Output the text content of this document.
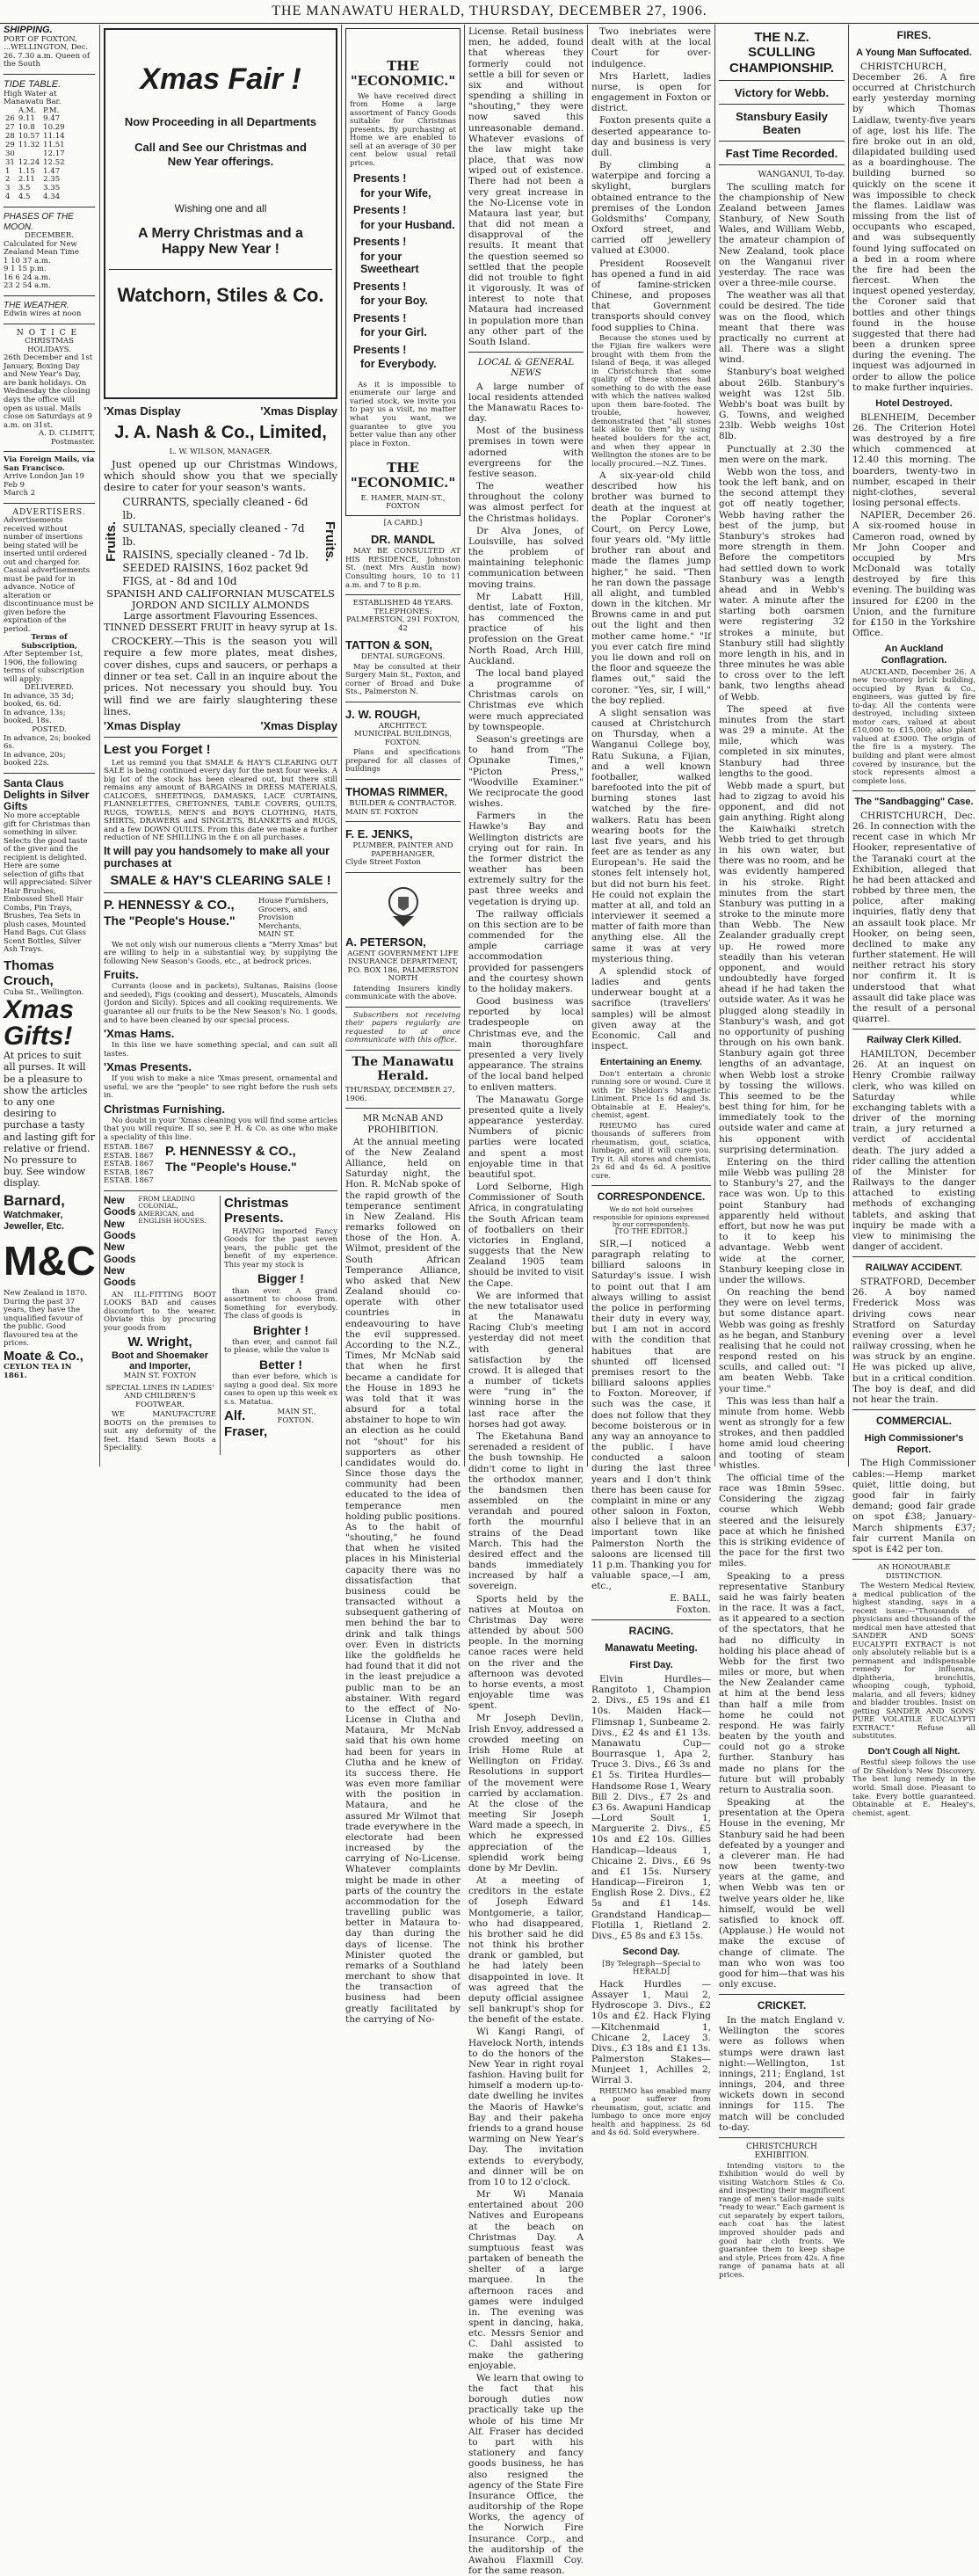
THE MANAWATU HERALD, THURSDAY, DECEMBER 27, 1906.
SHIPPING.
PORT OF FOXTON.
...WELLINGTON, Dec. 26. 7.30 a.m. Queen of the South
TIDE TABLE.
High Water at Manawatu Bar.
	A.M.	P.M.
26	9.11	9.47
27	10.8	10.29
28	10.57	11.14
29	11.32	11.51
30		12.17
31	12.24	12.52
1	1.15	1.47
2	2.11	2.35
3	3.5	3.35
4	4.5	4.34
PHASES OF THE MOON.
DECEMBER.
Calculated for New Zealand Mean Time
1 10 37 a.m.
9 1 15 p.m.
16 6 24 a.m.
23 2 54 a.m.
THE WEATHER.
Edwin wires at noon
NOTICE
CHRISTMAS HOLIDAYS.
26th December and 1st January, Boxing Day and New Year's Day, are bank holidays. On Wednesday the closing days the office will open as usual. Mails close on Saturdays at 9 a.m. on 31st.
A. D. CLIMITT, Postmaster.
Via Foreign Mails, via San Francisco.
Arrive London Jan 19
Feb 9
March 2
ADVERTISERS.
Advertisements received without number of insertions being stated will be inserted until ordered out and charged for. Casual advertisements must be paid for in advance. Notice of alteration or discontinuance must be given before the expiration of the period.
Terms of Subscription,
After September 1st, 1906, the following terms of subscription will apply:
DELIVERED.
In advance, 35 3d; booked, 6s. 6d.
In advance, 13s; booked, 18s.
POSTED.
In advance, 2s; booked 6s.
In advance, 20s; booked 22s.
Santa Claus Delights in Silver Gifts
No more acceptable gift for Christmas than something in silver. Selects the good taste of the giver and the recipient is delighted. Here are some selection of gifts that will appreciated: Silver Hair Brushes, Embossed Shell Hair Combs, Pin Trays, Brushes, Tea Sets in plush cases, Mounted Hand Bags, Cut Glass Scent Bottles, Silver Ash Trays.
Thomas Crouch,
Cuba St., Wellington.
Xmas Gifts!
At prices to suit all purses. It will be a pleasure to show the articles to any one desiring to purchase a tasty and lasting gift for relative or friend. No pressure to buy. See window display.
Barnard,
Watchmaker, Jeweller, Etc.
M&C
New Zealand in 1870. During the past 37 years, they have the unqualified favour of the public. Good flavoured tea at the prices.
Moate & Co.,
CEYLON TEA IN 1861.
Xmas Fair !
Now Proceeding in all Departments
Call and See our Christmas and New Year offerings.
Wishing one and all
A Merry Christmas and a Happy New Year !
Watchorn, Stiles & Co.
'Xmas Display	'Xmas Display
J. A. Nash & Co., Limited,
L. W. WILSON, MANAGER.

Just opened up our Christmas Windows, which should show you that we specially desire to cater for your season's wants.

Fruits.
CURRANTS, specially cleaned - 6d lb.
SULTANAS, specially cleaned - 7d lb.
RAISINS, specially cleaned - 7d lb.
SEEDED RAISINS, 16oz packet 9d
FIGS, at - 8d and 10d
Fruits.
SPANISH AND CALIFORNIAN MUSCATELS
JORDON AND SICILLY ALMONDS
Large assortment Flavouring Essences.
TINNED DESSERT FRUIT in heavy syrup at 1s.

CROCKERY.—This is the season you will require a few more plates, meat dishes, cover dishes, cups and saucers, or perhaps a dinner or tea set. Call in an inquire about the prices. Not necessary you should buy. You will find we are fairly slaughtering these lines.

'Xmas Display	'Xmas Display
Lest you Forget !

Let us remind you that SMALE & HAY'S CLEARING OUT SALE is being continued every day for the next four weeks. A big lot of the stock has been cleared out, but there still remains any amount of BARGAINS in DRESS MATERIALS, CALICOES, SHEETINGS, DAMASKS, LACE CURTAINS, FLANNELETTES, CRETONNES, TABLE COVERS, QUILTS, RUGS, TOWELS, MEN'S and BOYS CLOTHING, HATS, SHIRTS, DRAWERS and SINGLETS, BLANKETS and RUGS, and a few DOWN QUILTS. From this date we make a further reduction of NE SHILLING in the £ on all purchases.

It will pay you handsomely to make all your purchases at
SMALE & HAY'S CLEARING SALE !
P. HENNESSY & CO.,
The "People's House."
House Furnishers, Grocers, and Provision Merchants,
MAIN ST.

We not only wish our numerous clients a "Merry Xmas" but are willing to help in a substantial way, by supplying the following New Season's Goods, etc., at bedrock prices.

Fruits.

Currants (loose and in packets), Sultanas, Raisins (loose and seeded), Figs (cooking and dessert), Muscatels, Almonds (Jordon and Sicily). Spices and all cooking requirements. We guarantee all our fruits to be the New Season's No. 1 goods, and to have been cleaned by our special process.

'Xmas Hams.

In this line we have something special, and can suit all tastes.

'Xmas Presents.

If you wish to make a nice 'Xmas present, ornamental and useful, we are the "people" to see right before the rush sets in.

Christmas Furnishing.

No doubt in your 'Xmas cleaning you will find some articles that you will require. If so, see P. H. & Co. as one who make a speciality of this line.

ESTAB. 1867
ESTAB. 1867
ESTAB. 1867
ESTAB. 1867
ESTAB. 1867
P. HENNESSY & CO.,
The "People's House."
New Goods
New Goods
New Goods
New Goods
FROM LEADING COLONIAL, AMERICAN, and ENGLISH HOUSES.

AN ILL-FITTING BOOT LOOKS BAD and causes discomfort to the wearer. Obviate this by procuring your goods from

W. Wright,
Boot and Shoemaker and Importer,
MAIN ST. FOXTON
SPECIAL LINES IN LADIES' AND CHILDREN'S FOOTWEAR.

WE MANUFACTURE BOOTS on the premises to suit any deformity of the feet. Hand Sewn Boots a Speciality.

Christmas Presents.

HAVING imported Fancy Goods for the past seven years, the public get the benefit of my experience. This year my stock is

Bigger !

than ever. A grand assortment to choose from. Something for everybody. The class of goods is

Brighter !

than ever, and cannot fail to please, while the value is

Better !

than ever before, which is saying a good deal. Six more cases to open up this week ex s.s. Matatua.

Alf. Fraser,
MAIN ST., FOXTON.
THE "ECONOMIC."

We have received direct from Home a large assortment of Fancy Goods suitable for Christmas presents. By purchasing at Home we are enabled to sell at an average of 30 per cent below usual retail prices.

Presents !
for your Wife,
Presents !
for your Husband.
Presents !
for your Sweetheart
Presents !
for your Boy.
Presents !
for your Girl.
Presents !
for Everybody.

As it is impossible to enumerate our large and varied stock, we invite you to pay us a visit, no matter what you want, we guarantee to give you better value than any other place in Foxton.

THE "ECONOMIC."
E. HAMER, MAIN-ST., FOXTON
[A CARD.]
DR. MANDL

MAY BE CONSULTED AT HIS RESIDENCE, Johnston St. (next Mrs Austin now) Consulting hours, 10 to 11 a.m. and 7 to 8 p.m.

ESTABLISHED 48 YEARS.
TELEPHONES: PALMERSTON, 291 FOXTON, 42
TATTON & SON,
DENTAL SURGEONS.

May be consulted at their Surgery Main St., Foxton, and corner of Broad and Duke Sts., Palmerston N.

J. W. ROUGH,
ARCHITECT.
MUNICIPAL BUILDINGS, FOXTON.

Plans and specifications prepared for all classes of buildings

THOMAS RIMMER,
BUILDER & CONTRACTOR.
MAIN ST. FOXTON
F. E. JENKS,
PLUMBER, PAINTER AND PAPERHANGER,
Clyde Street Foxton
A. PETERSON,
AGENT GOVERNMENT LIFE INSURANCE DEPARTMENT,
P.O. BOX 186, PALMERSTON NORTH

Intending Insurers kindly communicate with the above.

Subscribers not receiving their papers regularly are requested to at once communicate with this office.

The Manawatu Herald.
THURSDAY, DECEMBER 27, 1906.
MR McNAB AND PROHIBITION.

At the annual meeting of the New Zealand Alliance, held on Saturday night, the Hon. R. McNab spoke of the rapid growth of the temperance sentiment in New Zealand. His remarks followed on those of the Hon. A. Wilmot, president of the South African Temperance Alliance, who asked that New Zealand should co-operate with other countries in endeavouring to have the evil suppressed. According to the N.Z., Times, Mr McNab said that when he first became a candidate for the House in 1893 he was told that it was absurd for a total abstainer to hope to win an election as he could not "shout" for his supporters as other candidates would do. Since those days the community had been educated to the idea of temperance men holding public positions. As to the habit of "shouting," he found that when he visited places in his Ministerial capacity there was no dissatisfaction that business could be transacted without a subsequent gathering of men behind the bar to drink and talk things over. Even in districts like the goldfields he had found that it did not in the least prejudice a public man to be an abstainer. With regard to the effect of No-License in Clutha and Mataura, Mr McNab said that his own home had been for years in Clutha and he knew of its success there. He was even more familiar with the position in Mataura, and he assured Mr Wilmot that trade everywhere in the electorate had been increased by the carrying of No-License. Whatever complaints might be made in other parts of the country the accommodation for the travelling public was better in Mataura to-day than during the days of license. The Minister quoted the remarks of a Southland merchant to show that the transaction of business had been greatly facilitated by the carrying of No-

License. Retail business men, he added, found that whereas they formerly could not settle a bill for seven or six and without spending a shilling in "shouting," they were now saved this unreasonable demand. Whatever evasions of the law might take place, that was now wiped out of existence. There had not been a very great increase in the No-License vote in Mataura last year, but that did not mean a disapproval of the results. It meant that the question seemed so settled that the people did not trouble to fight it vigorously. It was of interest to note that Mataura had increased in population more than any other part of the South Island.

LOCAL & GENERAL NEWS

A large number of local residents attended the Manawatu Races to-day.

Most of the business premises in town were adorned with evergreens for the festive season.

The weather throughout the colony was almost perfect for the Christmas holidays.

Dr Alva Jones, of Louisville, has solved the problem of maintaining telephonic communication between moving trains.

Mr Labatt Hill, dentist, late of Foxton, has commenced the practice of his profession on the Great North Road, Arch Hill, Auckland.

The local band played a programme of Christmas carols on Christmas eve which were much appreciated by townspeople.

Season's greetings are to hand from "The Opunake Times," "Picton Press," "Woodville Examiner." We reciprocate the good wishes.

Farmers in the Hawke's Bay and Wellington districts are crying out for rain. In the former district the weather has been extremely sultry for the past three weeks and vegetation is drying up.

The railway officials on this section are to be commended for the ample carriage accommodation provided for passengers and the courtesy shown to the holiday makers.

Good business was reported by local tradespeople on Christmas eve, and the main thoroughfare presented a very lively appearance. The strains of the local band helped to enliven matters.

The Manawatu Gorge presented quite a lively appearance yesterday. Numbers of picnic parties were located and spent a most enjoyable time in that beautiful spot.

Lord Selborne, High Commissioner of South Africa, in congratulating the South African team of footballers on their victories in England, suggests that the New Zealand 1905 team should be invited to visit the Cape.

We are informed that the new totalisator used at the Manawatu Racing Club's meeting yesterday did not meet with general satisfaction by the crowd. It is alleged that a number of tickets were "rung in" the winning horse in the last race after the horses had got away.

The Eketahuna Band serenaded a resident of the bush township. He didn't come to light in the orthodox manner, the bandsmen then assembled on the verandah and poured forth the mournful strains of the Dead March. This had the desired effect and the bands immediately increased by half a sovereign.

Sports held by the natives at Moutoa on Christmas Day were attended by about 500 people. In the morning canoe races were held on the river and the afternoon was devoted to horse events, a most enjoyable time was spent.

Mr Joseph Devlin, Irish Envoy, addressed a crowded meeting on Irish Home Rule at Wellington on Friday. Resolutions in support of the movement were carried by acclamation. At the close of the meeting Sir Joseph Ward made a speech, in which he expressed appreciation of the splendid work being done by Mr Devlin.

At a meeting of creditors in the estate of Joseph Edward Montgomerie, a tailor, who had disappeared, his brother said he did not think his brother drank or gambled, but he had lately been disappointed in love. It was agreed that the deputy official assignee sell bankrupt's shop for the benefit of the estate.

Wi Kangi Rangi, of Havelock North, intends to do the honors of the New Year in right royal fashion. Having built for himself a modern up-to-date dwelling he invites the Maoris of Hawke's Bay and their pakeha friends to a grand house warming on New Year's Day. The invitation extends to everybody, and dinner will be on from 10 to 12 o'clock.

Mr Wi Manaia entertained about 200 Natives and Europeans at the beach on Christmas Day. A sumptuous feast was partaken of beneath the shelter of a large marquee. In the afternoon races and games were indulged in. The evening was spent in dancing, haka, etc. Messrs Senior and C. Dahl assisted to make the gathering enjoyable.

We learn that owing to the fact that his borough duties now practically take up the whole of his time Mr Alf. Fraser has decided to part with his stationery and fancy goods business, he has also resigned the agency of the State Fire Insurance Office, the auditorship of the Rope Works, the agency of the Norwich Fire Insurance Corp., and the auditorship of the Awahou Flaxmill Coy. for the same reason.

Two inebriates were dealt with at the local Court for over-indulgence.

Mrs Harlett, ladies nurse, is open for engagement in Foxton or district.

Foxton presents quite a deserted appearance to-day and business is very dull.

By climbing a waterpipe and forcing a skylight, burglars obtained entrance to the premises of the London Goldsmiths' Company, Oxford street, and carried off jewellery valued at £3000.

President Roosevelt has opened a fund in aid of famine-stricken Chinese, and proposes that Government transports should convey food supplies to China.

Because the stones used by the Fijian fire walkers were brought with them from the Island of Beqa, it was alleged in Christchurch that some quality of these stones had something to do with the ease with which the natives walked upon them bare-footed. The trouble, however, demonstrated that "all stones talk alike to them" by using heated boulders for the act, and when they appear in Wellington the stones are to be locally procured.—N.Z. Times.

A six-year-old child described how his brother was burned to death at the inquest at the Poplar Coroner's Court, on Percy Lowe, four years old. "My little brother ran about and made the flames jump higher," he said. "Then he ran down the passage all alight, and tumbled down in the kitchen. Mr Browns came in and put out the light and then mother came home." "If you ever catch fire mind you lie down and roll on the floor and squeeze the flames out," said the coroner. "Yes, sir, I will," the boy replied.

A slight sensation was caused at Christchurch on Thursday, when a Wanganui College boy, Ratu Sukuna, a Fijian, and a well known footballer, walked barefooted into the pit of burning stones last watched by the fire-walkers. Ratu has been wearing boots for the last five years, and his feet are as tender as any European's. He said the stones felt intensely hot, but did not burn his feet. He could not explain the matter at all, and told an interviewer it seemed a matter of faith more than anything else. All the same it was at very mysterious thing.

A splendid stock of ladies and gents underwear bought at a sacrifice (travellers' samples) will be almost given away at the Economic. Call and inspect.

Entertaining an Enemy.

Don't entertain a chronic running sore or wound. Cure it with Dr Sheldon's Magnetic Liniment. Price 1s 6d and 3s. Obtainable at E. Healey's, chemist, agent.

RHEUMO has cured thousands of sufferers from rheumatism, gout, sciatica, lumbago, and it will cure you. Try it. All stores and chemists, 2s 6d and 4s 6d. A positive cure.

CORRESPONDENCE.
We do not hold ourselves responsible for opinions expressed by our correspondents.
[TO THE EDITOR.]

SIR,—I noticed a paragraph relating to billiard saloons in Saturday's issue. I wish to point out that I am always willing to assist the police in performing their duty in every way, but I am not in accord with the condition that habitues that are shunted off licensed premises resort to the billiard saloons applies to Foxton. Moreover, if such was the case, it does not follow that they become boisterous or in any way an annoyance to the public. I have conducted a saloon during the last three years and I don't think there has been cause for complaint in mine or any other saloon in Foxton, also I believe that in an important town like Palmerston North the saloons are licensed till 11 p.m. Thanking you for valuable space,—I am, etc.,

E. BALL,
Foxton.
RACING.
Manawatu Meeting.
First Day.

Elvin Hurdles—Rangitoto 1, Champion 2. Divs., £5 19s and £1 10s. Maiden Hack—Flimsnap 1, Sunbeame 2. Divs., £2 4s and £1 13s. Manawatu Cup—Bourrasque 1, Apa 2, Truce 3. Divs., £6 3s and £1 5s. Tiritea Hurdles—Handsome Rose 1, Weary Bill 2. Divs., £7 2s and £3 6s. Awapuni Handicap—Lord Soult 1, Marguerite 2. Divs., £5 10s and £2 10s. Gillies Handicap—Ideaus 1, Chicaine 2. Divs., £6 9s and £1 15s. Nursery Handicap—Fireiron 1, English Rose 2. Divs., £2 5s and £1 14s. Grandstand Handicap—Flotilla 1, Rietland 2. Divs., £5 8s and £3 15s.

Second Day.
[By Telegraph—Special to HERALD]

Hack Hurdles — Assayer 1, Maui 2, Hydroscope 3. Divs., £2 10s and £2. Hack Flying—Kitchenmaid 1, Chicane 2, Lacey 3. Divs., £3 18s and £1 13s. Palmerston Stakes—Munjeet 1, Achilles 2, Wirral 3.

RHEUMO has enabled many a poor sufferer from rheumatism, gout, sciatic and lumbago to once more enjoy health and happiness. 2s 6d and 4s 6d. Sold everywhere.

THE N.Z. SCULLING CHAMPIONSHIP.
Victory for Webb.
Stansbury Easily Beaten
Fast Time Recorded.
WANGANUI, To-day.

The sculling match for the championship of New Zealand between James Stanbury, of New South Wales, and William Webb, the amateur champion of New Zealand, took place on the Wanganui river yesterday. The race was over a three-mile course.

The weather was all that could be desired. The tide was on the flood, which meant that there was practically no current at all. There was a slight wind.

Stanbury's boat weighed about 26lb. Stanbury's weight was 12st 5lb. Webb's boat was built by G. Towns, and weighed 23lb. Webb weighs 10st 8lb.

Punctually at 2.30 the men were on the mark.

Webb won the toss, and took the left bank, and on the second attempt they got off neatly together, Webb having rather the best of the jump, but Stanbury's strokes had more strength in them. Before the competitors had settled down to work Stanbury was a length ahead and in Webb's water. A minute after the starting both oarsmen were registering 32 strokes a minute, but Stanbury still had slightly more length in his, and in three minutes he was able to cross over to the left bank, two lengths ahead of Webb.

The speed at five minutes from the start was 29 a minute. At the mile, which was completed in six minutes, Stanbury had three lengths to the good.

Webb made a spurt, but had to zigzag to avoid his opponent, and did not gain anything. Right along the Kaiwhaiki stretch Webb tried to get through in his own water, but there was no room, and he was evidently hampered in his stroke. Right minutes from the start Stanbury was putting in a stroke to the minute more than Webb. The New Zealander gradually crept up. He rowed more steadily than his veteran opponent, and would undoubtedly have forged ahead if he had taken the outside water. As it was he plugged along steadily in Stanbury's wash, and got no opportunity of pushing through on his own bank. Stanbury again got three lengths of an advantage, when Webb lost a stroke by tossing the willows. This seemed to be the best thing for him, for he immediately took to the outside water and came at his opponent with surprising determination.

Entering on the third mile Webb was pulling 28 to Stanbury's 27, and the race was won. Up to this point Stanbury had apparently held without effort, but now he was put to it to keep his advantage. Webb went wide at the corner, Stanbury keeping close in under the willows.

On reaching the bend they were on level terms, but some distance apart. Webb was going as freshly as he began, and Stanbury realising that he could not respond rested on his sculls, and called out: "I am beaten Webb. Take your time."

This was less than half a minute from home. Webb went as strongly for a few strokes, and then paddled home amid loud cheering and tooting of steam whistles.

The official time of the race was 18min 59sec. Considering the zigzag course which Webb steered and the leisurely pace at which he finished this is striking evidence of the pace for the first two miles.

Speaking to a press representative Stanbury said he was fairly beaten in the race. It was a fact, as it appeared to a section of the spectators, that he had no difficulty in holding his place ahead of Webb for the first two miles or more, but when the New Zealander came at him at the bend less than half a mile from home he could not respond. He was fairly beaten by the youth and could not go a stroke further. Stanbury has made no plans for the future but will probably return to Australia soon.

Speaking at the presentation at the Opera House in the evening, Mr Stanbury said he had been defeated by a younger and a cleverer man. He had now been twenty-two years at the game, and when Webb was ten or twelve years older he, like himself, would be well satisfied to knock off. (Applause.) He would not make the excuse of change of climate. The man who won was too good for him—that was his only excuse.

CRICKET.

In the match England v. Wellington the scores were as follows when stumps were drawn last night:—Wellington, 1st innings, 211; England, 1st innings, 204, and three wickets down in second innings for 115. The match will be concluded to-day.

CHRISTCHURCH EXHIBITION.

Intending visitors to the Exhibition would do well by visiting Watchorn Stiles & Co. and inspecting their magnificent range of men's tailor-made suits "ready to wear." Each garment is cut separately by expert tailors, each coat has the latest improved shoulder pads and good hair cloth fronts. We guarantee them to keep shape and style. Prices from 42s. A fine range of panama hats at all prices.

FIRES.
A Young Man Suffocated.

CHRISTCHURCH, December 26. A fire occurred at Christchurch early yesterday morning by which Thomas Laidlaw, twenty-five years of age, lost his life. The fire broke out in an old, dilapidated building used as a boardinghouse. The building burned so quickly on the scene it was impossible to check the flames. Laidlaw was missing from the list of occupants who escaped, and was subsequently found lying suffocated on a bed in a room where the fire had been the fiercest. When the inquest opened yesterday, the Coroner said that bottles and other things found in the house suggested that there had been a drunken spree during the evening. The inquest was adjourned in order to allow the police to make further inquiries.

Hotel Destroyed.

BLENHEIM, December 26. The Criterion Hotel was destroyed by a fire which commenced at 12.40 this morning. The boarders, twenty-two in number, escaped in their night-clothes, several losing personal effects.

NAPIER, December 26. A six-roomed house in Cameron road, owned by Mr John Cooper and occupied by Mrs McDonald was totally destroyed by fire this evening. The building was insured for £200 in the Union, and the furniture for £150 in the Yorkshire Office.

An Auckland Conflagration.

AUCKLAND, December 26. A new two-storey brick building, occupied by Ryan & Co., engineers, was gutted by fire to-day. All the contents were destroyed, including sixteen motor cars, valued at about £10,000 to £15,000; also plant valued at £3000. The origin of the fire is a mystery. The building and plant were almost covered by insurance, but the stock represents almost a complete loss.

The "Sandbagging" Case.

CHRISTCHURCH, Dec. 26. In connection with the recent case in which Mr Hooker, representative of the Taranaki court at the Exhibition, alleged that he had been attacked and robbed by three men, the police, after making inquiries, flatly deny that an assault took place. Mr Hooker, on being seen, declined to make any further statement. He will neither retract his story nor confirm it. It is understood that what assault did take place was the result of a personal quarrel.

Railway Clerk Killed.

HAMILTON, December 26. At an inquest on Henry Crombie railway clerk, who was killed on Saturday while exchanging tablets with a driver of the morning train, a jury returned a verdict of accidental death. The jury added a rider calling the attention of the Minister for Railways to the danger attached to existing methods of exchanging tablets, and asking that inquiry be made with a view to minimising the danger of accident.

RAILWAY ACCIDENT.

STRATFORD, December 26. A boy named Frederick Moss was driving cows near Stratford on Saturday evening over a level railway crossing, when he was struck by an engine. He was picked up alive, but in a critical condition. The boy is deaf, and did not hear the train.

COMMERCIAL.
High Commissioner's Report.

The High Commissioner cables:—Hemp market quiet, little doing, but good fair in fairly demand; good fair grade on spot £38; January-March shipments £37; fair current Manila on spot is £42 per ton.

AN HONOURABLE DISTINCTION.

The Western Medical Review, a medical publication of the highest standing, says in a recent issue:—"Thousands of physicians and thousands of the medical men have attested that SANDER AND SONS' EUCALYPTI EXTRACT is not only absolutely reliable but is a permanent and indispensable remedy for influenza, diphtheria, bronchitis, whooping cough, typhoid, malaria, and all fevers; kidney and bladder troubles. Insist on getting SANDER AND SONS' PURE VOLATILE EUCALYPTI EXTRACT." Refuse all substitutes.

Don't Cough all Night.

Restful sleep follows the use of Dr Sheldon's New Discovery. The best lung remedy in the world. Small dose. Pleasant to take. Every bottle guaranteed. Obtainable at E. Healey's, chemist, agent.
